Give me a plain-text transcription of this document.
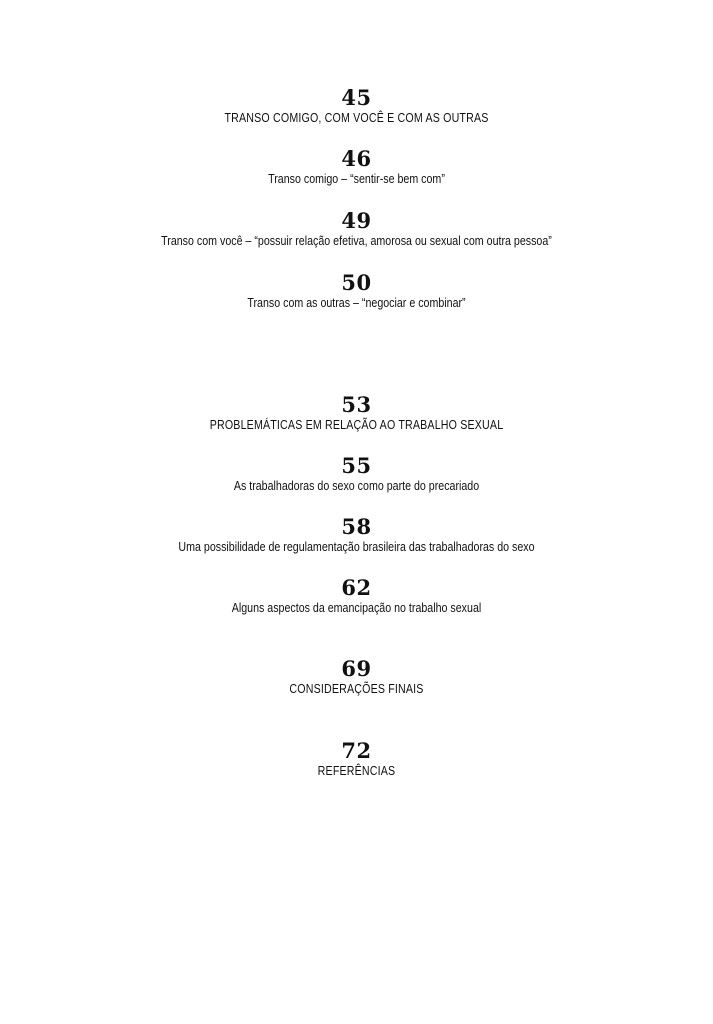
45
TRANSO COMIGO, COM VOCÊ E COM AS OUTRAS
46
Transo comigo – “sentir-se bem com”
49
Transo com você – “possuir relação efetiva, amorosa ou sexual com outra pessoa”
50
Transo com as outras – “negociar e combinar”
53
PROBLEMÁTICAS EM RELAÇÃO AO TRABALHO SEXUAL
55
As trabalhadoras do sexo como parte do precariado
58
Uma possibilidade de regulamentação brasileira das trabalhadoras do sexo
62
Alguns aspectos da emancipação no trabalho sexual
69
CONSIDERAÇÕES FINAIS
72
REFERÊNCIAS
